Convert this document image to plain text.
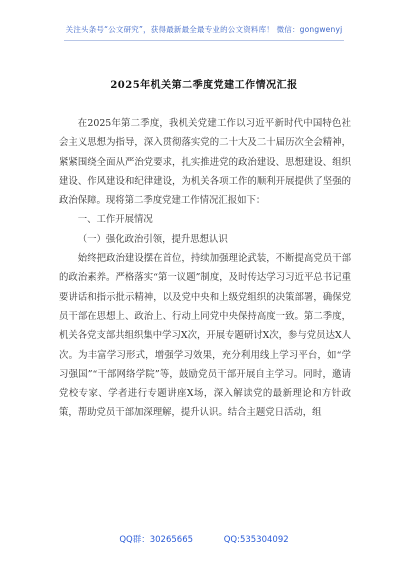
关注头条号“公文研究”，获得最新最全最专业的公文资料库！ 微信：gongwenyj
2025年机关第二季度党建工作情况汇报

在2025年第二季度，我机关党建工作以习近平新时代中国特色社会主义思想为指导，深入贯彻落实党的二十大及二十届历次全会精神，紧紧围绕全面从严治党要求，扎实推进党的政治建设、思想建设、组织建设、作风建设和纪律建设，为机关各项工作的顺利开展提供了坚强的政治保障。现将第二季度党建工作情况汇报如下：

一、工作开展情况
（一）强化政治引领，提升思想认识

始终把政治建设摆在首位，持续加强理论武装，不断提高党员干部的政治素养。严格落实“第一议题”制度，及时传达学习习近平总书记重要讲话和指示批示精神，以及党中央和上级党组织的决策部署，确保党员干部在思想上、政治上、行动上同党中央保持高度一致。第二季度，机关各党支部共组织集中学习X次，开展专题研讨X次，参与党员达X人次。为丰富学习形式，增强学习效果，充分利用线上学习平台，如“学习强国”“干部网络学院”等，鼓励党员干部开展自主学习。同时，邀请党校专家、学者进行专题讲座X场，深入解读党的最新理论和方针政策，帮助党员干部加深理解，提升认识。结合主题党日活动，组

QQ群：30265665	QQ:535304092
